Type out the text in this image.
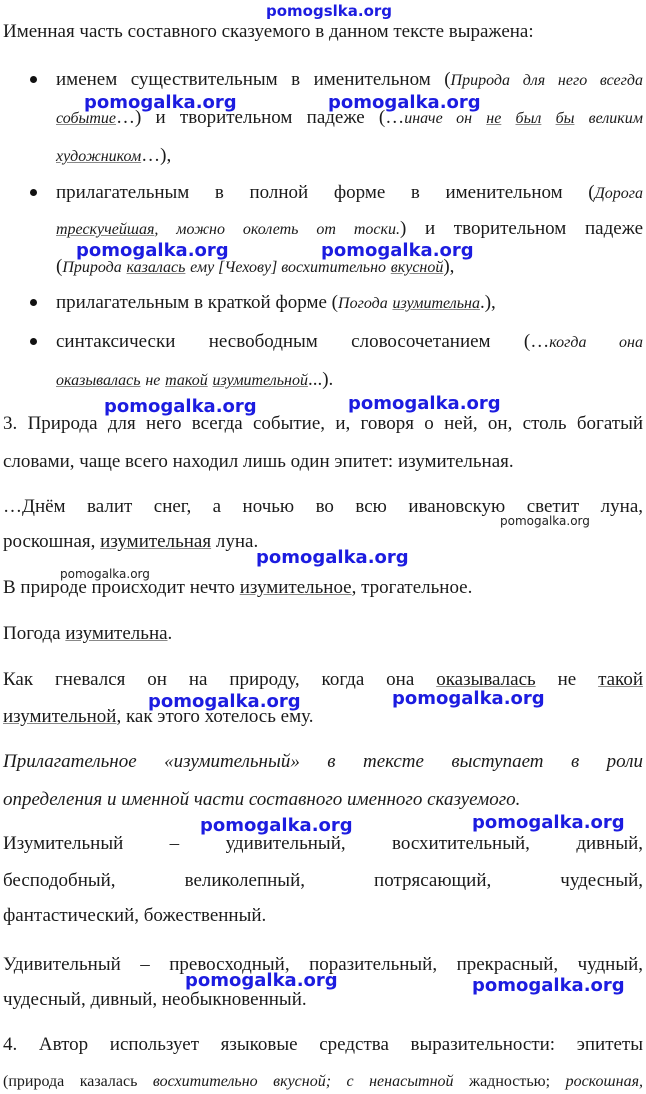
pomogslka.org
Именная часть составного сказуемого в данном тексте выражена:
именем существительным в именительном (Природа для него всегда
событие…) и творительном падеже (…иначе он не был бы великим
художником…),
прилагательным в полной форме в именительном (Дорога
трескучейшая, можно околеть от тоски.) и творительном падеже
(Природа казалась ему [Чехову] восхитительно вкусной),
прилагательным в краткой форме (Погода изумительна.),
синтаксически несвободным словосочетанием (…когда она
оказывалась не такой изумительной...).
3. Природа для него всегда событие, и, говоря о ней, он, столь богатый
словами, чаще всего находил лишь один эпитет: изумительная.
…Днём валит снег, а ночью во всю ивановскую светит луна,
роскошная, изумительная луна.
В природе происходит нечто изумительное, трогательное.
Погода изумительна.
Как гневался он на природу, когда она оказывалась не такой
изумительной, как этого хотелось ему.
Прилагательное «изумительный» в тексте выступает в роли
определения и именной части составного именного сказуемого.
Изумительный – удивительный, восхитительный, дивный,
бесподобный, великолепный, потрясающий, чудесный,
фантастический, божественный.
Удивительный – превосходный, поразительный, прекрасный, чудный,
чудесный, дивный, необыкновенный.
4. Автор использует языковые средства выразительности: эпитеты
(природа казалась восхитительно вкусной; с ненасытной жадностью; роскошная,
pomogalka.org	pomogalka.org
pomogalka.org	pomogalka.org
pomogalka.org	pomogalka.org
pomogalka.org
pomogalka.org
pomogalka.org
pomogalka.org	pomogalka.org
pomogalka.org	pomogalka.org
pomogalka.org	pomogalka.org
